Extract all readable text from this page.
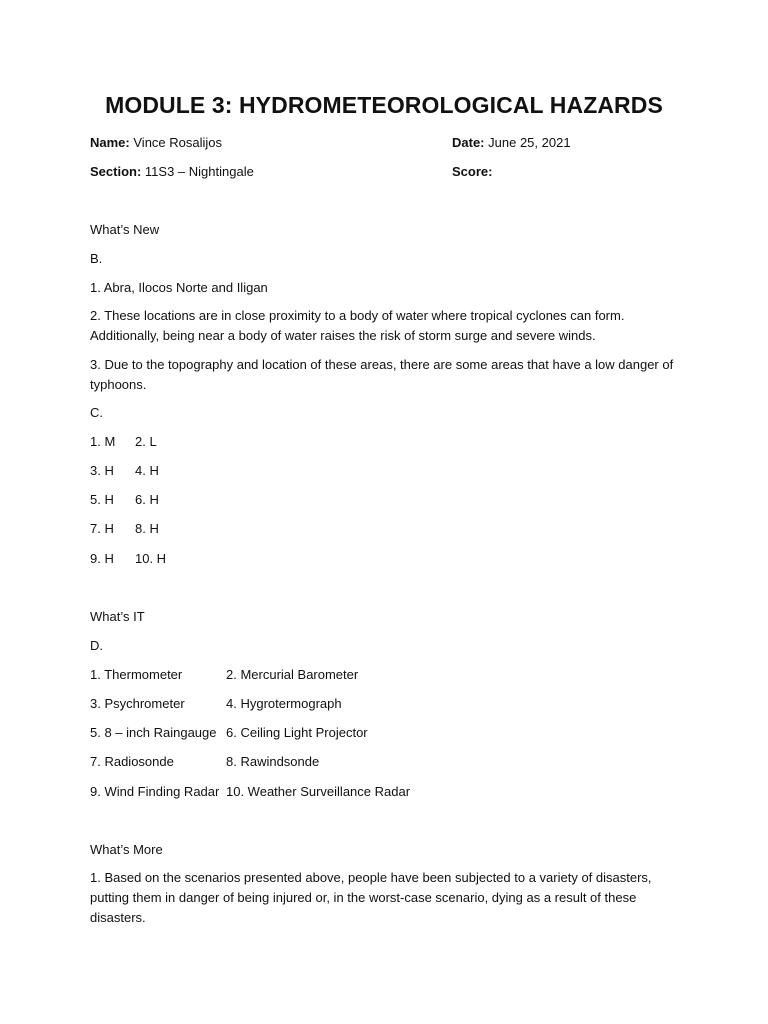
MODULE 3: HYDROMETEOROLOGICAL HAZARDS
Name: Vince Rosalijos	Date: June 25, 2021
Section: 11S3 – Nightingale	Score:
What’s New
B.
1. Abra, Ilocos Norte and Iligan
2. These locations are in close proximity to a body of water where tropical cyclones can form. Additionally, being near a body of water raises the risk of storm surge and severe winds.
3. Due to the topography and location of these areas, there are some areas that have a low danger of typhoons.
C.
1. M 2. L
3. H 4. H
5. H 6. H
7. H 8. H
9. H 10. H
What’s IT
D.
1. Thermometer	2. Mercurial Barometer
3. Psychrometer	4. Hygrotermograph
5. 8 – inch Raingauge 6. Ceiling Light Projector
7. Radiosonde	8. Rawindsonde
9. Wind Finding Radar 10. Weather Surveillance Radar
What’s More
1. Based on the scenarios presented above, people have been subjected to a variety of disasters, putting them in danger of being injured or, in the worst-case scenario, dying as a result of these disasters.
